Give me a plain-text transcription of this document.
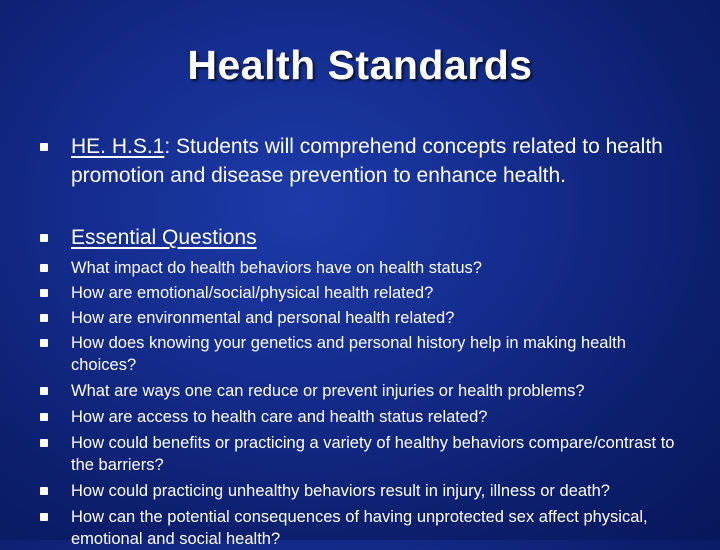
Health Standards
HE. H.S.1: Students will comprehend concepts related to health promotion and disease prevention to enhance health.
Essential Questions
What impact do health behaviors have on health status?
How are emotional/social/physical health related?
How are environmental and personal health related?
How does knowing your genetics and personal history help in making health choices?
What are ways one can reduce or prevent injuries or health problems?
How are access to health care and health status related?
How could benefits or practicing a variety of healthy behaviors compare/contrast to the barriers?
How could practicing unhealthy behaviors result in injury, illness or death?
How can the potential consequences of having unprotected sex affect physical, emotional and social health?
